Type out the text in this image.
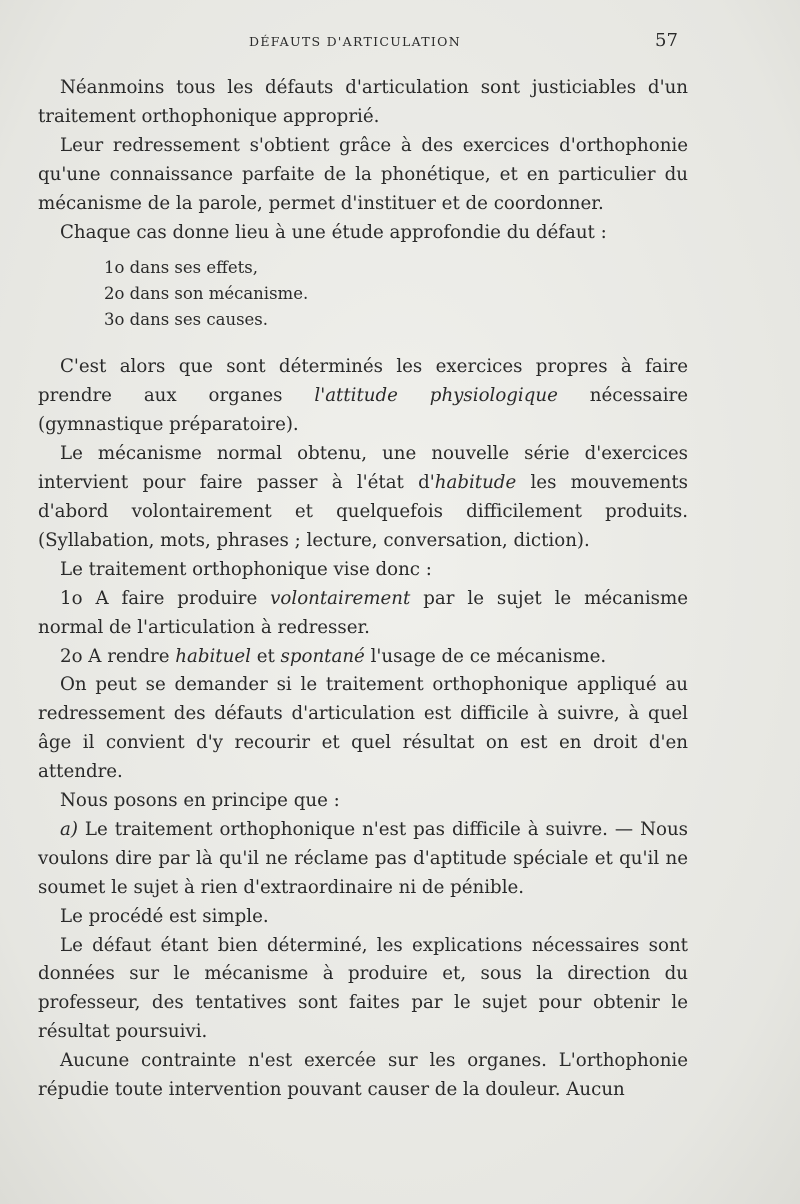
DÉFAUTS D'ARTICULATION	57

Néanmoins tous les défauts d'articulation sont justiciables d'un traitement orthophonique approprié.

Leur redressement s'obtient grâce à des exercices d'orthophonie qu'une connaissance parfaite de la phonétique, et en particulier du mécanisme de la parole, permet d'instituer et de coordonner.

Chaque cas donne lieu à une étude approfondie du défaut :

1o dans ses effets,
2o dans son mécanisme.
3o dans ses causes.

C'est alors que sont déterminés les exercices propres à faire prendre aux organes l'attitude physiologique nécessaire (gymnastique préparatoire).

Le mécanisme normal obtenu, une nouvelle série d'exercices intervient pour faire passer à l'état d'habitude les mouvements d'abord volontairement et quelquefois difficilement produits. (Syllabation, mots, phrases ; lecture, conversation, diction).

Le traitement orthophonique vise donc :

1o A faire produire volontairement par le sujet le mécanisme normal de l'articulation à redresser.

2o A rendre habituel et spontané l'usage de ce mécanisme.

On peut se demander si le traitement orthophonique appliqué au redressement des défauts d'articulation est difficile à suivre, à quel âge il convient d'y recourir et quel résultat on est en droit d'en attendre.

Nous posons en principe que :

a) Le traitement orthophonique n'est pas difficile à suivre. — Nous voulons dire par là qu'il ne réclame pas d'aptitude spéciale et qu'il ne soumet le sujet à rien d'extraordinaire ni de pénible.

Le procédé est simple.

Le défaut étant bien déterminé, les explications nécessaires sont données sur le mécanisme à produire et, sous la direction du professeur, des tentatives sont faites par le sujet pour obtenir le résultat poursuivi.

Aucune contrainte n'est exercée sur les organes. L'orthophonie répudie toute intervention pouvant causer de la douleur. Aucun
